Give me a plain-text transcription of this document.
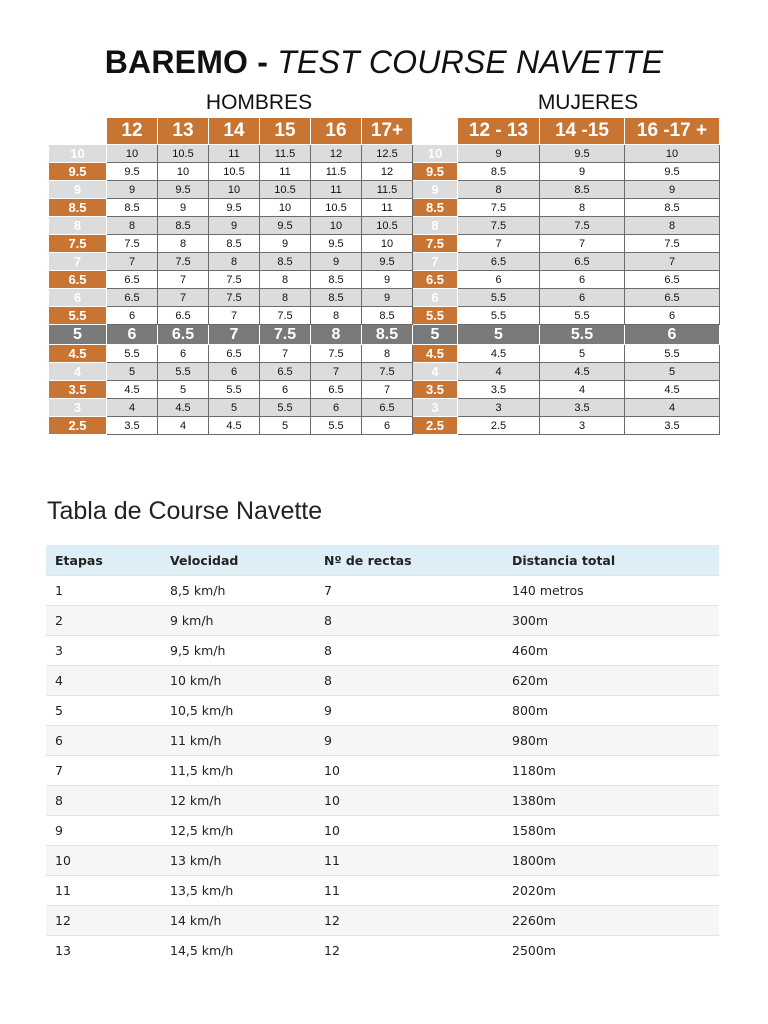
BAREMO - TEST COURSE NAVETTE
HOMBRES	MUJERES
	12	13	14	15	16	17+		12 - 13	14 -15	16 -17 +
10	10	10.5	11	11.5	12	12.5	10	9	9.5	10
9.5	9.5	10	10.5	11	11.5	12	9.5	8.5	9	9.5
9	9	9.5	10	10.5	11	11.5	9	8	8.5	9
8.5	8.5	9	9.5	10	10.5	11	8.5	7.5	8	8.5
8	8	8.5	9	9.5	10	10.5	8	7.5	7.5	8
7.5	7.5	8	8.5	9	9.5	10	7.5	7	7	7.5
7	7	7.5	8	8.5	9	9.5	7	6.5	6.5	7
6.5	6.5	7	7.5	8	8.5	9	6.5	6	6	6.5
6	6.5	7	7.5	8	8.5	9	6	5.5	6	6.5
5.5	6	6.5	7	7.5	8	8.5	5.5	5.5	5.5	6
5	6	6.5	7	7.5	8	8.5	5	5	5.5	6
4.5	5.5	6	6.5	7	7.5	8	4.5	4.5	5	5.5
4	5	5.5	6	6.5	7	7.5	4	4	4.5	5
3.5	4.5	5	5.5	6	6.5	7	3.5	3.5	4	4.5
3	4	4.5	5	5.5	6	6.5	3	3	3.5	4
2.5	3.5	4	4.5	5	5.5	6	2.5	2.5	3	3.5
Tabla de Course Navette
Etapas	Velocidad	Nº de rectas	Distancia total
1	8,5 km/h	7	140 metros
2	9 km/h	8	300m
3	9,5 km/h	8	460m
4	10 km/h	8	620m
5	10,5 km/h	9	800m
6	11 km/h	9	980m
7	11,5 km/h	10	1180m
8	12 km/h	10	1380m
9	12,5 km/h	10	1580m
10	13 km/h	11	1800m
11	13,5 km/h	11	2020m
12	14 km/h	12	2260m
13	14,5 km/h	12	2500m
